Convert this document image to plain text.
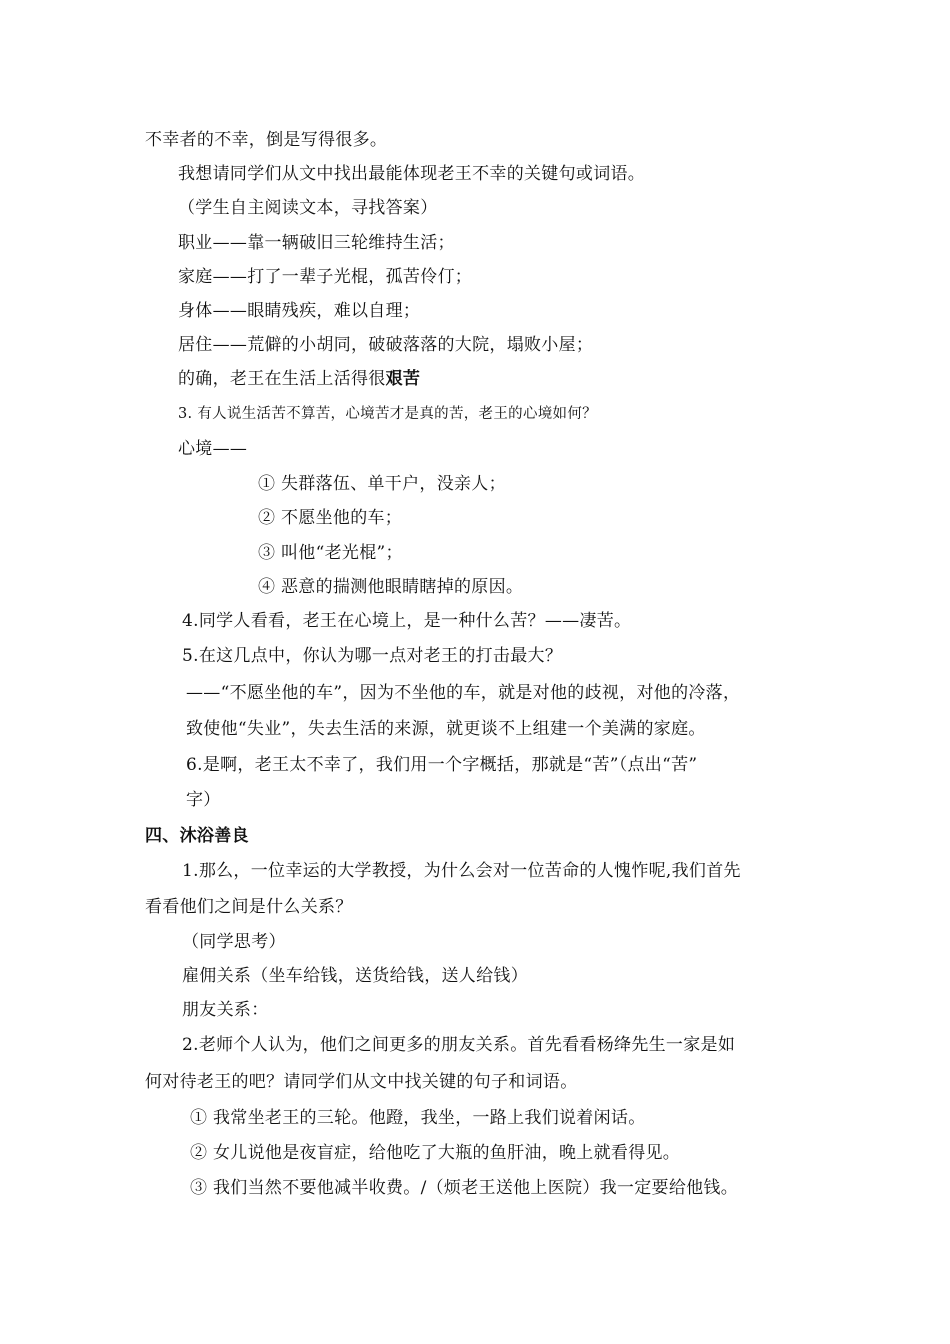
不幸者的不幸，倒是写得很多。
我想请同学们从文中找出最能体现老王不幸的关键句或词语。
（学生自主阅读文本，寻找答案）
职业——靠一辆破旧三轮维持生活；
家庭——打了一辈子光棍，孤苦伶仃；
身体——眼睛残疾，难以自理；
居住——荒僻的小胡同，破破落落的大院，塌败小屋；
的确，老王在生活上活得很艰苦
3. 有人说生活苦不算苦，心境苦才是真的苦，老王的心境如何？
心境——
① 失群落伍、单干户，没亲人；
② 不愿坐他的车；
③ 叫他“老光棍”；
④ 恶意的揣测他眼睛瞎掉的原因。
4.同学人看看，老王在心境上，是一种什么苦？——凄苦。
5.在这几点中，你认为哪一点对老王的打击最大？
——“不愿坐他的车”，因为不坐他的车，就是对他的歧视，对他的冷落，
致使他“失业”，失去生活的来源，就更谈不上组建一个美满的家庭。
6.是啊，老王太不幸了，我们用一个字概括，那就是“苦”（点出“苦”
字）
四、沐浴善良
1.那么，一位幸运的大学教授，为什么会对一位苦命的人愧怍呢,我们首先
看看他们之间是什么关系？
（同学思考）
雇佣关系（坐车给钱，送货给钱，送人给钱）
朋友关系：
2.老师个人认为，他们之间更多的朋友关系。首先看看杨绛先生一家是如
何对待老王的吧？请同学们从文中找关键的句子和词语。
① 我常坐老王的三轮。他蹬，我坐，一路上我们说着闲话。
② 女儿说他是夜盲症，给他吃了大瓶的鱼肝油，晚上就看得见。
③ 我们当然不要他减半收费。/（烦老王送他上医院）我一定要给他钱。
